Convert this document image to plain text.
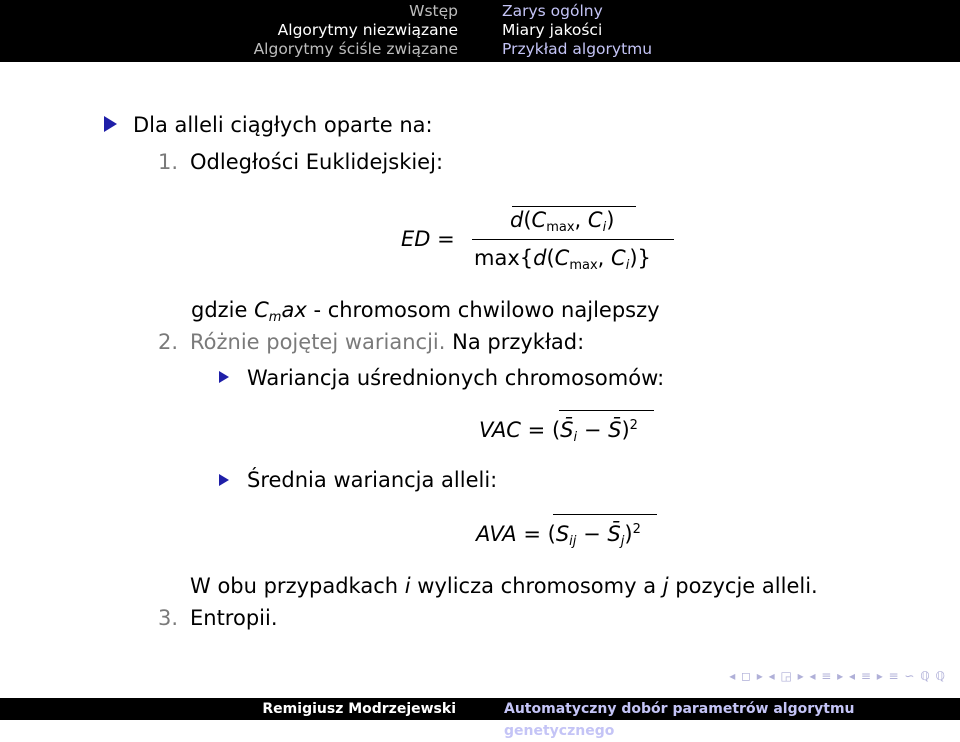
Wstęp
Algorytmy niezwiązane
Algorytmy ściśle związane
Zarys ogólny
Miary jakości
Przykład algorytmu
Dla alleli ciągłych oparte na:
1. Odległości Euklidejskiej:
ED =
$d(C_{max}$, $C_i$)
$\max\{d(C_{max}$, $C_i$)}
gdzie $C_max$ - chromosom chwilowo najlepszy
2. Różnie pojętej wariancji. Na przykład:
Wariancja uśrednionych chromosomów:
VAC = ($S̄_i$ − S̄)$^2$
Średnia wariancja alleli:
AVA = ($S_{ij}$ − $S̄_j)^2$
W obu przypadkach i wylicza chromosomy a j pozycje alleli.
3. Entropii.
◂ ◻ ▸ ◂ ◲ ▸ ◂ ≡ ▸ ◂ ≡ ▸ ≡ ∽ ℚ ℚ
Remigiusz Modrzejewski	Automatyczny dobór parametrów algorytmu genetycznego
